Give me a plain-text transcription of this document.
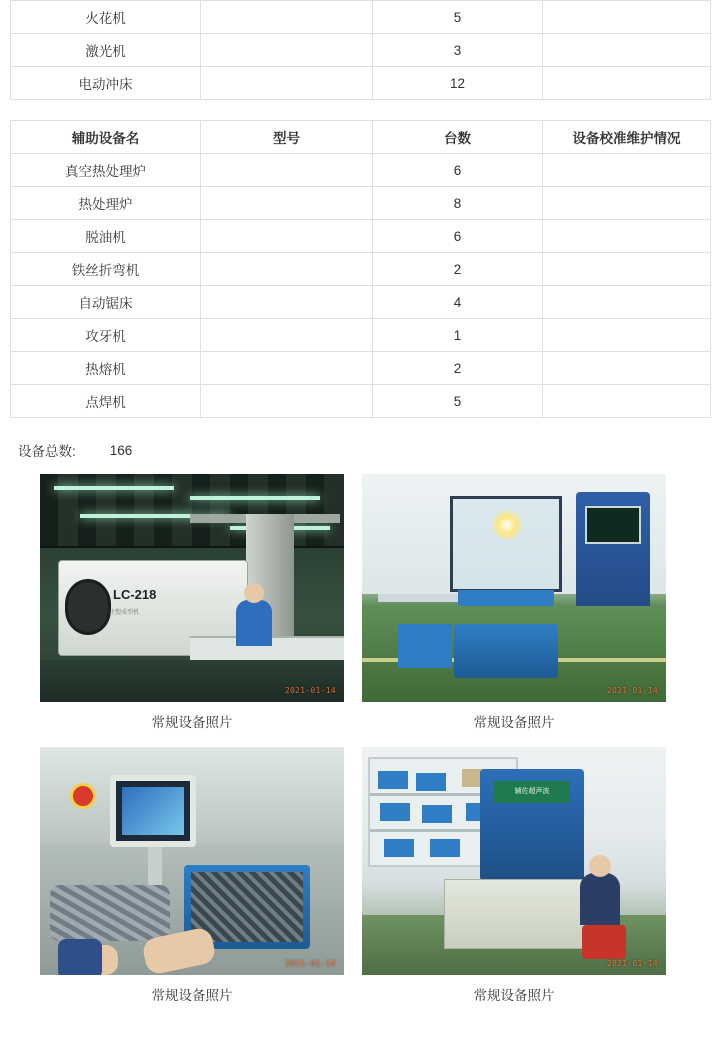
火花机		5	
激光机		3	
电动冲床		12	
辅助设备名	型号	台数	设备校准维护情况
真空热处理炉		6	
热处理炉		8	
脱油机		6	
铁丝折弯机		2	
自动锯床		4	
攻牙机		1	
热熔机		2	
点焊机		5	
设备总数:	166
LC-218
注塑成型机
2021-01-14
常规设备照片
2021-01-14
常规设备照片
2021-01-14
常规设备照片
辅佐超声波
2021-01-14
常规设备照片
